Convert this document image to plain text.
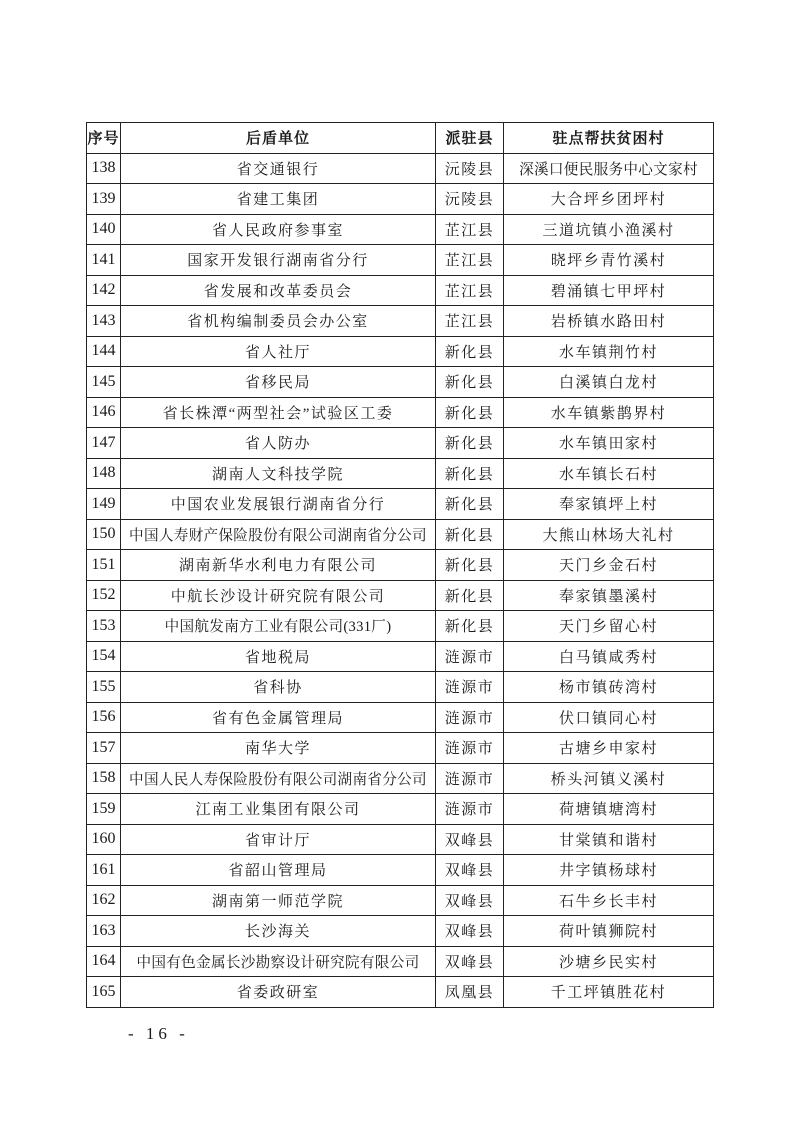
序号	后盾单位	派驻县	驻点帮扶贫困村
138	省交通银行	沅陵县	深溪口便民服务中心文家村
139	省建工集团	沅陵县	大合坪乡团坪村
140	省人民政府参事室	芷江县	三道坑镇小渔溪村
141	国家开发银行湖南省分行	芷江县	晓坪乡青竹溪村
142	省发展和改革委员会	芷江县	碧涌镇七甲坪村
143	省机构编制委员会办公室	芷江县	岩桥镇水路田村
144	省人社厅	新化县	水车镇荆竹村
145	省移民局	新化县	白溪镇白龙村
146	省长株潭“两型社会”试验区工委	新化县	水车镇紫鹊界村
147	省人防办	新化县	水车镇田家村
148	湖南人文科技学院	新化县	水车镇长石村
149	中国农业发展银行湖南省分行	新化县	奉家镇坪上村
150	中国人寿财产保险股份有限公司湖南省分公司	新化县	大熊山林场大礼村
151	湖南新华水利电力有限公司	新化县	天门乡金石村
152	中航长沙设计研究院有限公司	新化县	奉家镇墨溪村
153	中国航发南方工业有限公司(331厂)	新化县	天门乡留心村
154	省地税局	涟源市	白马镇咸秀村
155	省科协	涟源市	杨市镇砖湾村
156	省有色金属管理局	涟源市	伏口镇同心村
157	南华大学	涟源市	古塘乡申家村
158	中国人民人寿保险股份有限公司湖南省分公司	涟源市	桥头河镇义溪村
159	江南工业集团有限公司	涟源市	荷塘镇塘湾村
160	省审计厅	双峰县	甘棠镇和谐村
161	省韶山管理局	双峰县	井字镇杨球村
162	湖南第一师范学院	双峰县	石牛乡长丰村
163	长沙海关	双峰县	荷叶镇狮院村
164	中国有色金属长沙勘察设计研究院有限公司	双峰县	沙塘乡民实村
165	省委政研室	凤凰县	千工坪镇胜花村
- 16 -
